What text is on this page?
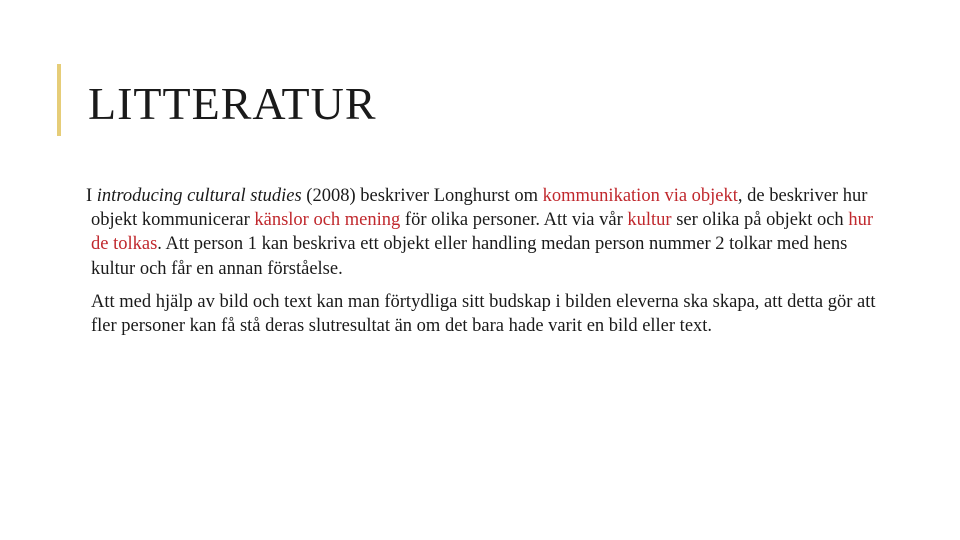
LITTERATUR

I introducing cultural studies (2008) beskriver Longhurst om kommunikation via objekt, de beskriver hur objekt kommunicerar känslor och mening för olika personer. Att via vår kultur ser olika på objekt och hur de tolkas. Att person 1 kan beskriva ett objekt eller handling medan person nummer 2 tolkar med hens kultur och får en annan förståelse.

Att med hjälp av bild och text kan man förtydliga sitt budskap i bilden eleverna ska skapa, att detta gör att fler personer kan få stå deras slutresultat än om det bara hade varit en bild eller text.
